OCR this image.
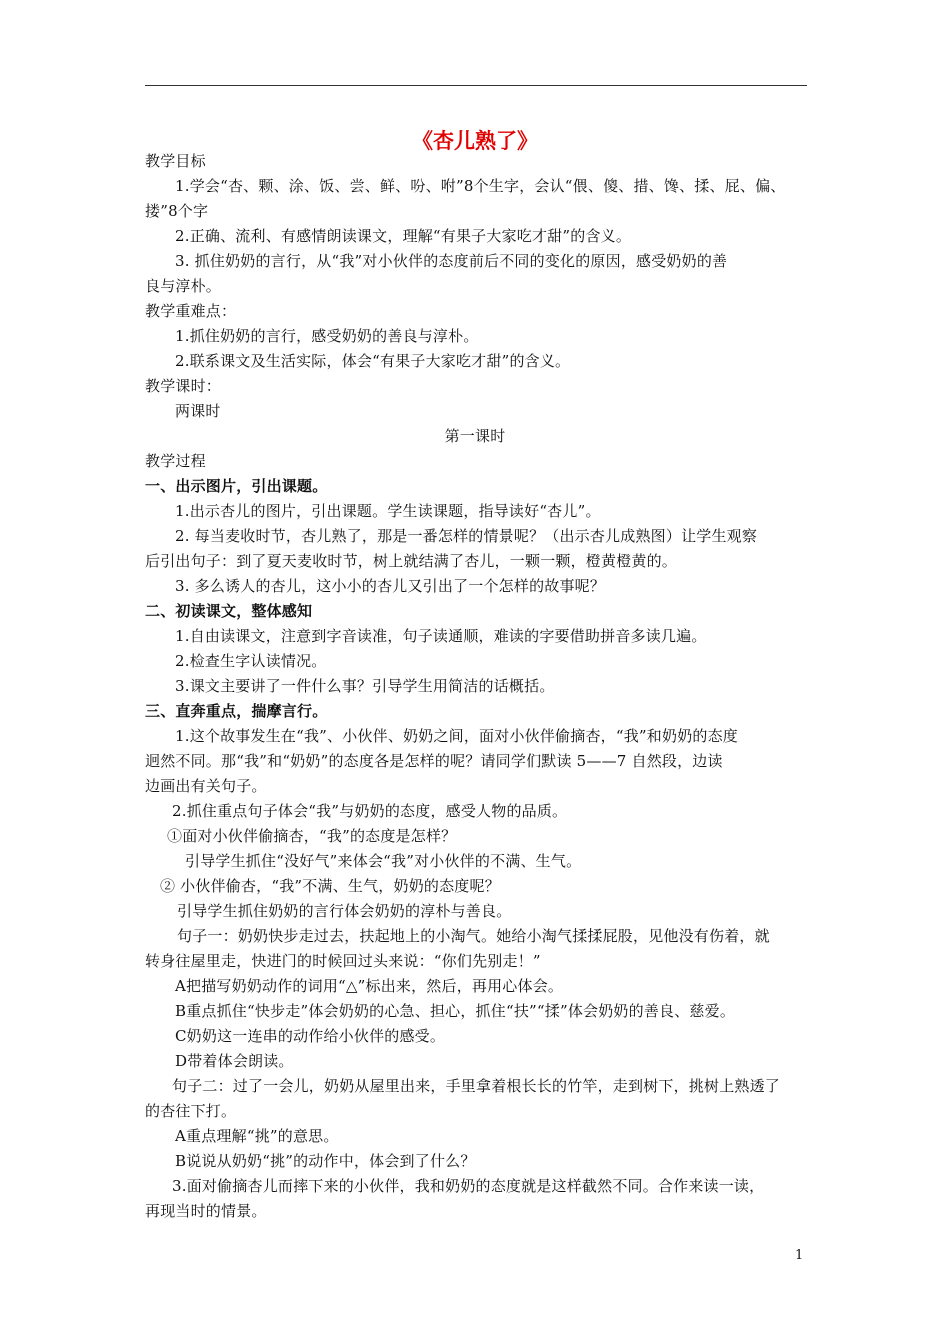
《杏儿熟了》
教学目标
1.学会“杏、颗、涂、饭、尝、鲜、吩、咐”8个生字，会认“偎、傻、措、馋、揉、屁、偏、
搂”8个字
2.正确、流利、有感情朗读课文，理解“有果子大家吃才甜”的含义。
3. 抓住奶奶的言行，从“我”对小伙伴的态度前后不同的变化的原因，感受奶奶的善
良与淳朴。
教学重难点：
1.抓住奶奶的言行，感受奶奶的善良与淳朴。
2.联系课文及生活实际，体会“有果子大家吃才甜”的含义。
教学课时：
两课时
第一课时
教学过程
一、出示图片，引出课题。
1.出示杏儿的图片，引出课题。学生读课题，指导读好“杏儿”。
2. 每当麦收时节，杏儿熟了，那是一番怎样的情景呢？（出示杏儿成熟图）让学生观察
后引出句子：到了夏天麦收时节，树上就结满了杏儿，一颗一颗，橙黄橙黄的。
3. 多么诱人的杏儿，这小小的杏儿又引出了一个怎样的故事呢？
二、初读课文，整体感知
1.自由读课文，注意到字音读准，句子读通顺，难读的字要借助拼音多读几遍。
2.检查生字认读情况。
3.课文主要讲了一件什么事？引导学生用简洁的话概括。
三、直奔重点，揣摩言行。
1.这个故事发生在“我”、小伙伴、奶奶之间，面对小伙伴偷摘杏，“我”和奶奶的态度
迥然不同。那“我”和“奶奶”的态度各是怎样的呢？请同学们默读 5——7 自然段，边读
边画出有关句子。
2.抓住重点句子体会“我”与奶奶的态度，感受人物的品质。
①面对小伙伴偷摘杏，“我”的态度是怎样？
引导学生抓住“没好气”来体会“我”对小伙伴的不满、生气。
② 小伙伴偷杏，“我”不满、生气，奶奶的态度呢？
引导学生抓住奶奶的言行体会奶奶的淳朴与善良。
句子一：奶奶快步走过去，扶起地上的小淘气。她给小淘气揉揉屁股，见他没有伤着，就
转身往屋里走，快进门的时候回过头来说：“你们先别走！”
A把描写奶奶动作的词用“△”标出来，然后，再用心体会。
B重点抓住“快步走”体会奶奶的心急、担心，抓住“扶”“揉”体会奶奶的善良、慈爱。
C奶奶这一连串的动作给小伙伴的感受。
D带着体会朗读。
句子二：过了一会儿，奶奶从屋里出来，手里拿着根长长的竹竿，走到树下，挑树上熟透了
的杏往下打。
A重点理解“挑”的意思。
B说说从奶奶“挑”的动作中，体会到了什么？
3.面对偷摘杏儿而摔下来的小伙伴，我和奶奶的态度就是这样截然不同。合作来读一读，
再现当时的情景。
1
